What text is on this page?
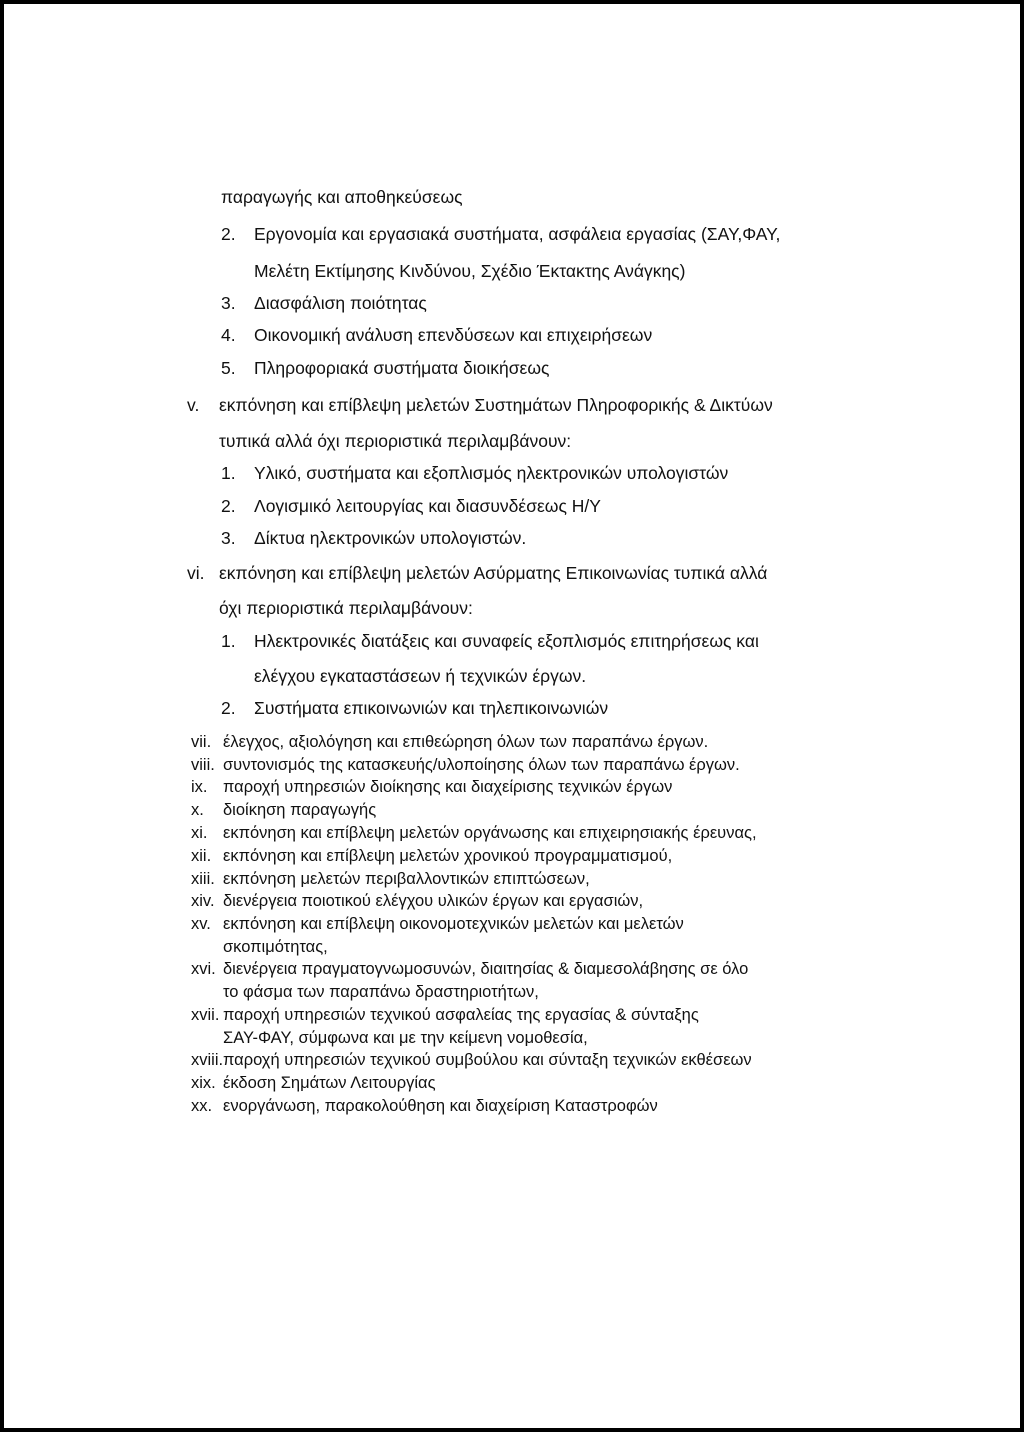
παραγωγής και αποθηκεύσεως
2. Εργονομία και εργασιακά συστήματα, ασφάλεια εργασίας (ΣΑΥ,ΦΑΥ,
Μελέτη Εκτίμησης Κινδύνου, Σχέδιο Έκτακτης Ανάγκης)
3. Διασφάλιση ποιότητας
4. Οικονομική ανάλυση επενδύσεων και επιχειρήσεων
5. Πληροφοριακά συστήματα διοικήσεως
v. εκπόνηση και επίβλεψη μελετών Συστημάτων Πληροφορικής & Δικτύων
τυπικά αλλά όχι περιοριστικά περιλαμβάνουν:
1. Υλικό, συστήματα και εξοπλισμός ηλεκτρονικών υπολογιστών
2. Λογισμικό λειτουργίας και διασυνδέσεως Η/Υ
3. Δίκτυα ηλεκτρονικών υπολογιστών.
vi. εκπόνηση και επίβλεψη μελετών Ασύρματης Επικοινωνίας τυπικά αλλά
όχι περιοριστικά περιλαμβάνουν:
1. Ηλεκτρονικές διατάξεις και συναφείς εξοπλισμός επιτηρήσεως και
ελέγχου εγκαταστάσεων ή τεχνικών έργων.
2. Συστήματα επικοινωνιών και τηλεπικοινωνιών
vii. έλεγχος, αξιολόγηση και επιθεώρηση όλων των παραπάνω έργων.
viii. συντονισμός της κατασκευής/υλοποίησης όλων των παραπάνω έργων.
ix. παροχή υπηρεσιών διοίκησης και διαχείρισης τεχνικών έργων
x. διοίκηση παραγωγής
xi. εκπόνηση και επίβλεψη μελετών οργάνωσης και επιχειρησιακής έρευνας,
xii. εκπόνηση και επίβλεψη μελετών χρονικού προγραμματισμού,
xiii. εκπόνηση μελετών περιβαλλοντικών επιπτώσεων,
xiv. διενέργεια ποιοτικού ελέγχου υλικών έργων και εργασιών,
xv. εκπόνηση και επίβλεψη οικονομοτεχνικών μελετών και μελετών
σκοπιμότητας,
xvi. διενέργεια πραγματογνωμοσυνών, διαιτησίας & διαμεσολάβησης σε όλο
το φάσμα των παραπάνω δραστηριοτήτων,
xvii. παροχή υπηρεσιών τεχνικού ασφαλείας της εργασίας & σύνταξης
ΣΑΥ-ΦΑΥ, σύμφωνα και με την κείμενη νομοθεσία,
xviii. παροχή υπηρεσιών τεχνικού συμβούλου και σύνταξη τεχνικών εκθέσεων
xix. έκδοση Σημάτων Λειτουργίας
xx. ενοργάνωση, παρακολούθηση και διαχείριση Καταστροφών
